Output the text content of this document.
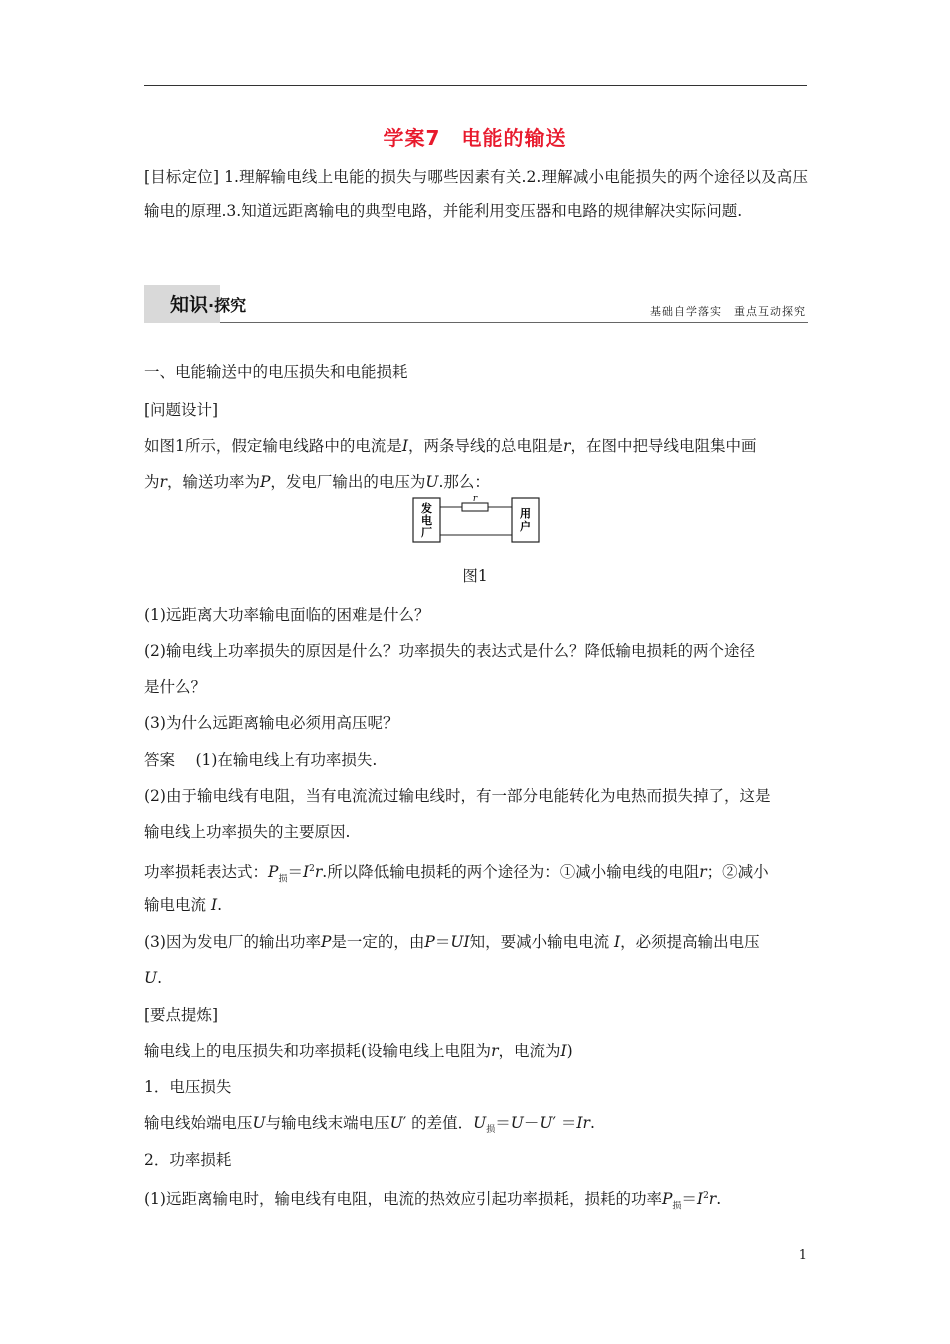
学案7　电能的输送
[目标定位] 1.理解输电线上电能的损失与哪些因素有关.2.理解减小电能损失的两个途径以及高压输电的原理.3.知道远距离输电的典型电路，并能利用变压器和电路的规律解决实际问题.
知识·探究	基础自学落实　重点互动探究
一、电能输送中的电压损失和电能损耗
[问题设计]
如图1所示，假定输电线路中的电流是I，两条导线的总电阻是r，在图中把导线电阻集中画
为r，输送功率为P，发电厂输出的电压为U.那么：
r
发
电
厂
用
户
图1
(1)远距离大功率输电面临的困难是什么？
(2)输电线上功率损失的原因是什么？功率损失的表达式是什么？降低输电损耗的两个途径
是什么？
(3)为什么远距离输电必须用高压呢？
答案　 (1)在输电线上有功率损失.
(2)由于输电线有电阻，当有电流流过输电线时，有一部分电能转化为电热而损失掉了，这是
输电线上功率损失的主要原因.
功率损耗表达式：$P_损=I^2r$.所以降低输电损耗的两个途径为：①减小输电线的电阻r；②减小
输电电流 I.
(3)因为发电厂的输出功率P是一定的，由P＝UI知，要减小输电电流 I，必须提高输出电压
U.
[要点提炼]
输电线上的电压损失和功率损耗(设输电线上电阻为r，电流为I)
1．电压损失
输电线始端电压U与输电线末端电压U′ 的差值．$U_损=U-U' =Ir$.
2．功率损耗
(1)远距离输电时，输电线有电阻，电流的热效应引起功率损耗，损耗的功率$P_损=I^2r$.
1
